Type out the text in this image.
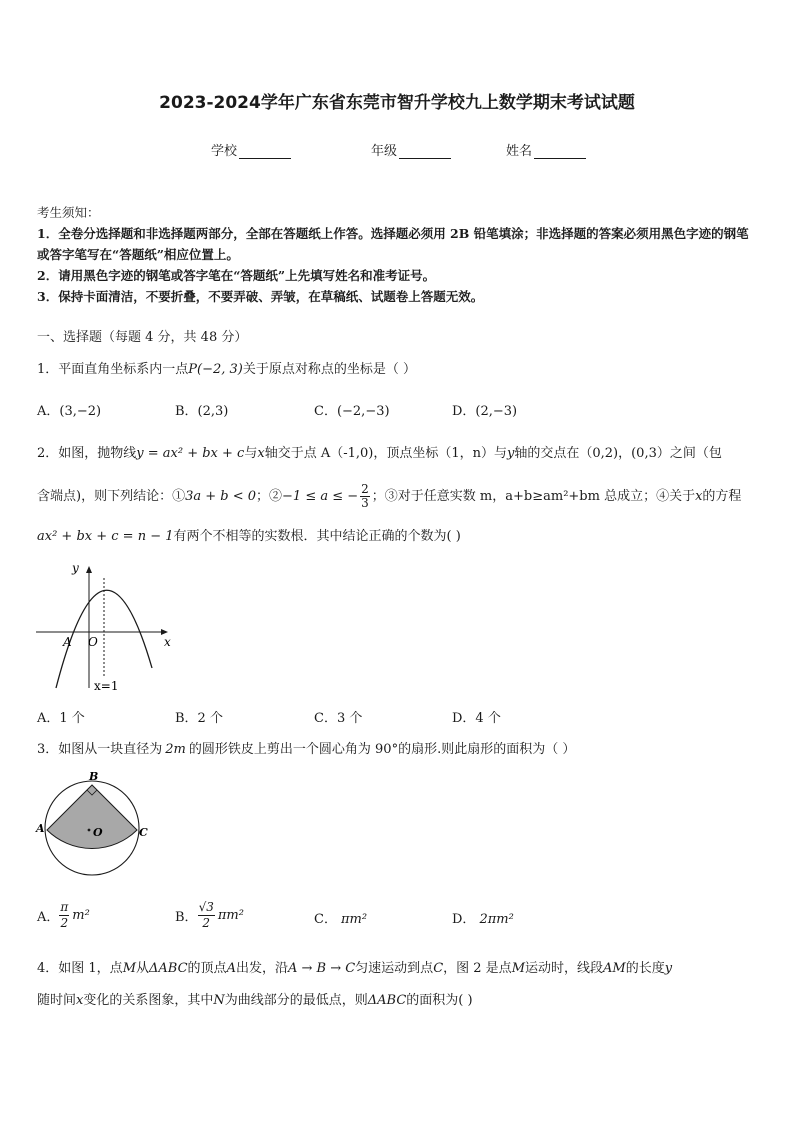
2023-2024学年广东省东莞市智升学校九上数学期末考试试题
学校	年级	姓名
考生须知：
1．全卷分选择题和非选择题两部分，全部在答题纸上作答。选择题必须用 2B 铅笔填涂；非选择题的答案必须用黑色字迹的钢笔或答字笔写在“答题纸”相应位置上。
2．请用黑色字迹的钢笔或答字笔在“答题纸”上先填写姓名和准考证号。
3．保持卡面清洁，不要折叠，不要弄破、弄皱，在草稿纸、试题卷上答题无效。
一、选择题（每题 4 分，共 48 分）
1．平面直角坐标系内一点P(−2, 3)关于原点对称点的坐标是（ ）
A．(3,−2)	B．(2,3)	C．(−2,−3)	D．(2,−3)
2．如图，抛物线y = ax² + bx + c与x轴交于点 A（-1,0)，顶点坐标（1，n）与y轴的交点在（0,2)，(0,3）之间（包
含端点)，则下列结论：①3a + b < 0；②−1 ≤ a ≤ − $\frac{2}{3}$ ；③对于任意实数 m，a+b≥am²+bm 总成立；④关于x的方程
ax² + bx + c = n − 1有两个不相等的实数根．其中结论正确的个数为( )
y
x
A O
x=1
A．1 个	B．2 个	C．3 个	D．4 个
3．如图从一块直径为 2m 的圆形铁皮上剪出一个圆心角为 90°的扇形.则此扇形的面积为（ ）
B
A	C
O
A． $\frac{\pi}{2} m^2$	B． $\frac{√3}{2} \pi m^2$	C． πm²	D． 2πm²
4．如图 1，点M从ΔABC的顶点A出发，沿A → B → C匀速运动到点C，图 2 是点M运动时，线段AM的长度y
随时间x变化的关系图象，其中N为曲线部分的最低点，则ΔABC的面积为( )
